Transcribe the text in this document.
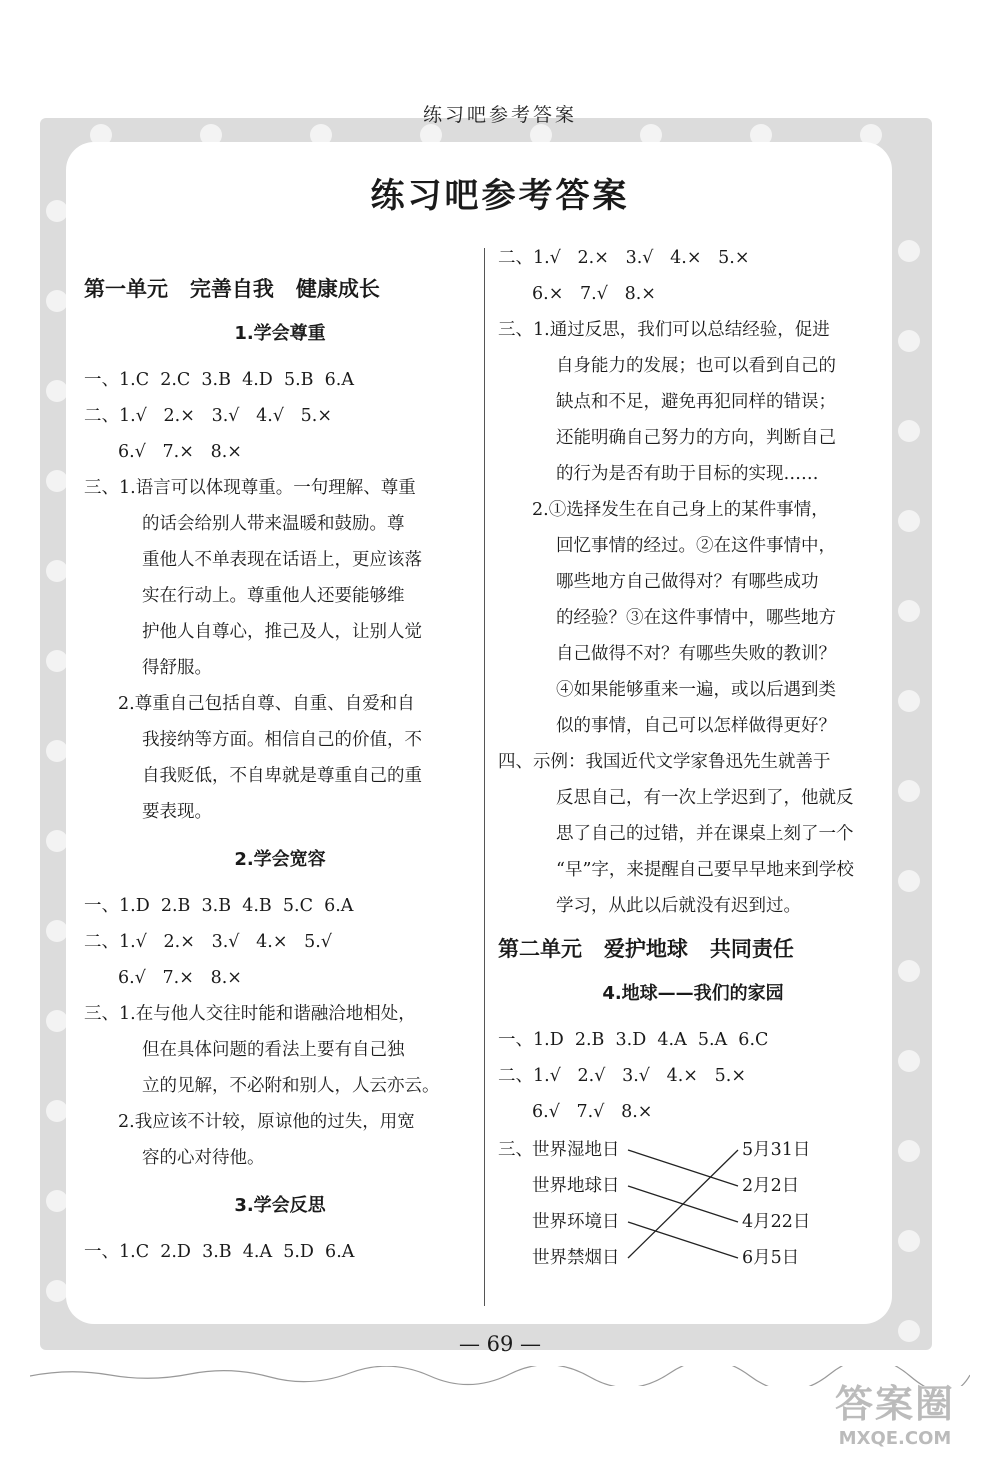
练习吧参考答案
练习吧参考答案
第一单元   完善自我   健康成长
1.学会尊重
一、1.C  2.C  3.B  4.D  5.B  6.A
二、1.√   2.×   3.√   4.√   5.×
6.√   7.×   8.×
三、1.语言可以体现尊重。一句理解、尊重
的话会给别人带来温暖和鼓励。尊
重他人不单表现在话语上，更应该落
实在行动上。尊重他人还要能够维
护他人自尊心，推己及人，让别人觉
得舒服。
2.尊重自己包括自尊、自重、自爱和自
我接纳等方面。相信自己的价值，不
自我贬低，不自卑就是尊重自己的重
要表现。
2.学会宽容
一、1.D  2.B  3.B  4.B  5.C  6.A
二、1.√   2.×   3.√   4.×   5.√
6.√   7.×   8.×
三、1.在与他人交往时能和谐融洽地相处，
但在具体问题的看法上要有自己独
立的见解，不必附和别人，人云亦云。
2.我应该不计较，原谅他的过失，用宽
容的心对待他。
3.学会反思
一、1.C  2.D  3.B  4.A  5.D  6.A
二、1.√   2.×   3.√   4.×   5.×
6.×   7.√   8.×
三、1.通过反思，我们可以总结经验，促进
自身能力的发展；也可以看到自己的
缺点和不足，避免再犯同样的错误；
还能明确自己努力的方向，判断自己
的行为是否有助于目标的实现……
2.①选择发生在自己身上的某件事情，
回忆事情的经过。②在这件事情中，
哪些地方自己做得对？有哪些成功
的经验？③在这件事情中，哪些地方
自己做得不对？有哪些失败的教训？
④如果能够重来一遍，或以后遇到类
似的事情，自己可以怎样做得更好？
四、示例：我国近代文学家鲁迅先生就善于
反思自己，有一次上学迟到了，他就反
思了自己的过错，并在课桌上刻了一个
“早”字，来提醒自己要早早地来到学校
学习，从此以后就没有迟到过。
第二单元   爱护地球   共同责任
4.地球——我们的家园
一、1.D  2.B  3.D  4.A  5.A  6.C
二、1.√   2.√   3.√   4.×   5.×
6.√   7.√   8.×
三、 世界湿地日
世界地球日
世界环境日
世界禁烟日
5月31日
2月2日
4月22日
6月5日
— 69 —
答案圈
MXQE.COM
